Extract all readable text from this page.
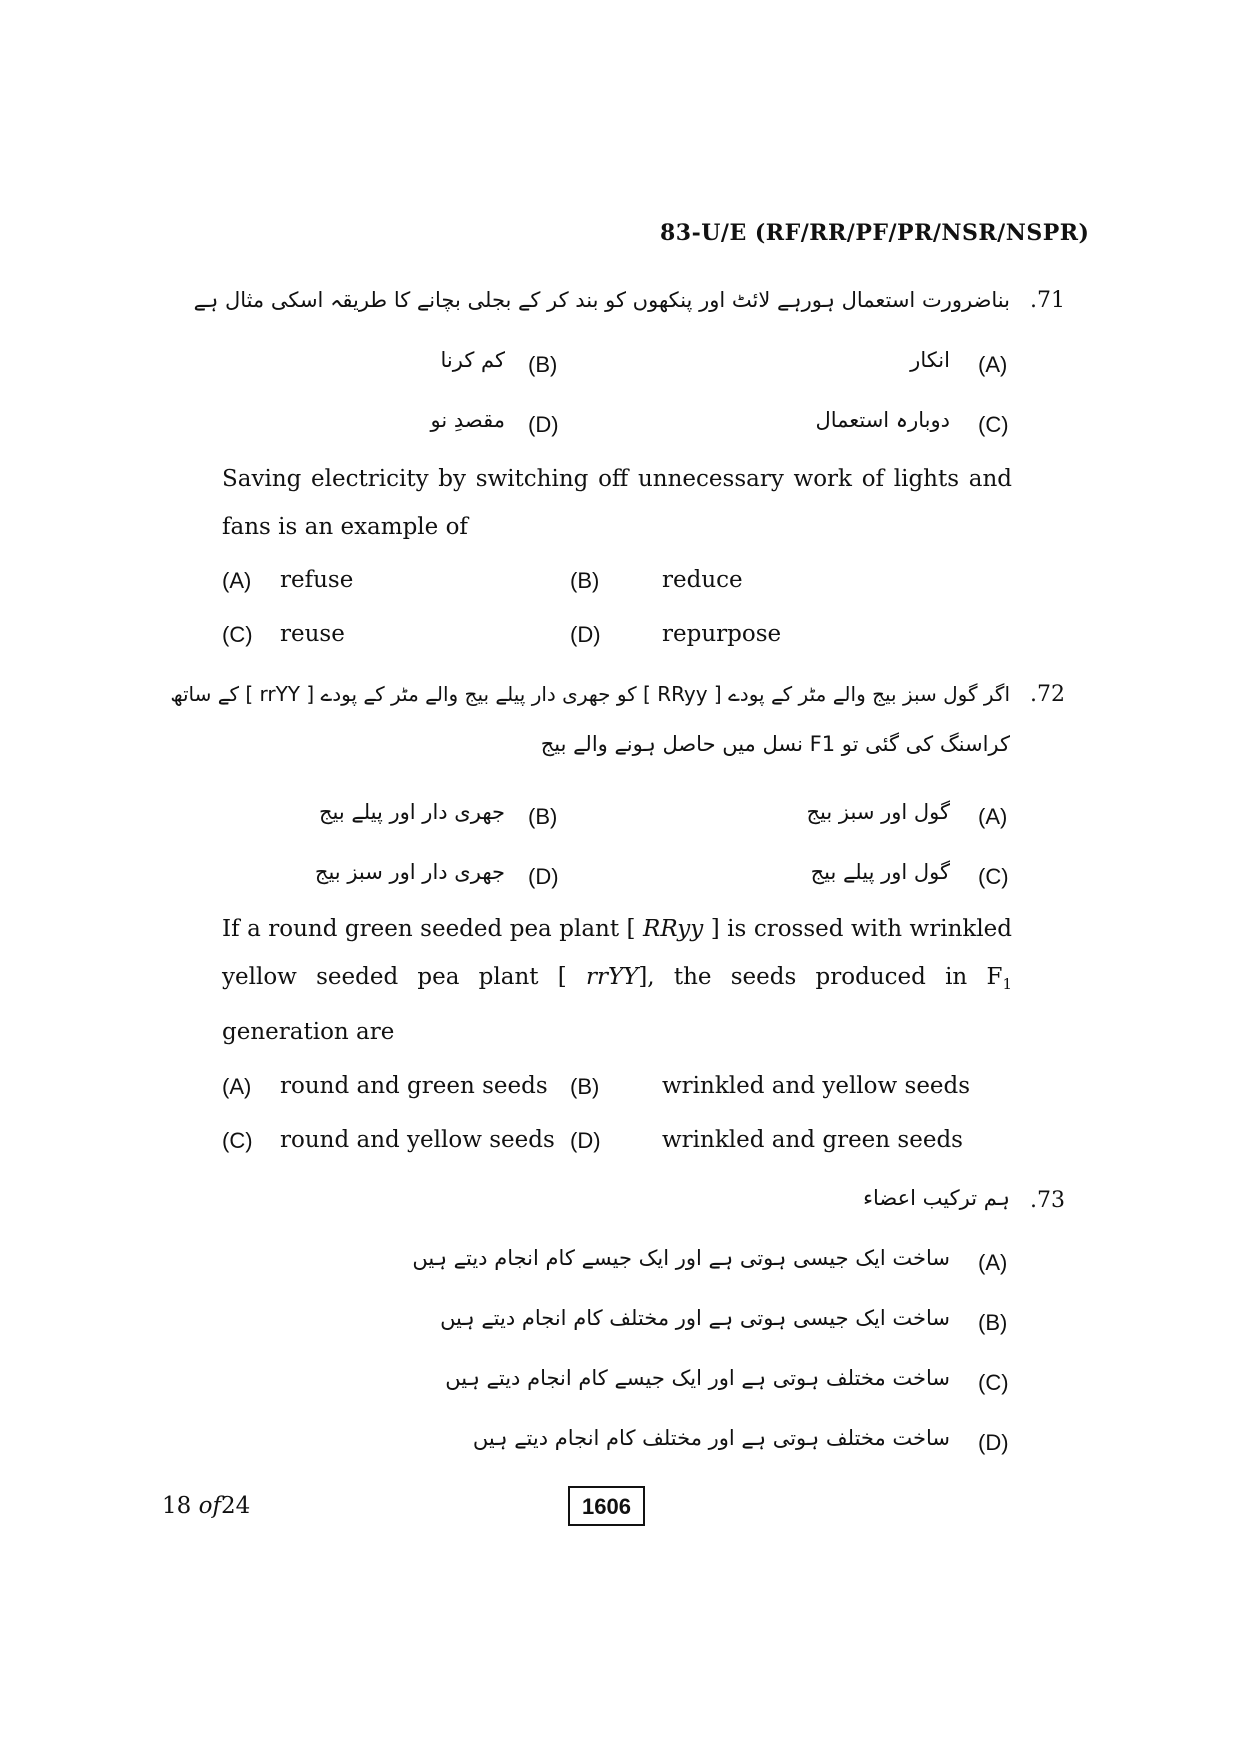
83-U/E (RF/RR/PF/PR/NSR/NSPR)
.71
بناضرورت استعمال ہورہے لائٹ اور پنکھوں کو بند کر کے بجلی بچانے کا طریقہ اسکی مثال ہے
(A)
انکار
(B)
کم کرنا
(C)
دوبارہ استعمال
(D)
مقصدِ نو
Saving electricity by switching off unnecessary work of lights and fans is an example of
(A) refuse	(B)	reduce
(C) reuse	(D)	repurpose
.72
اگر گول سبز بیج والے مٹر کے پودے [ RRyy ] کو جھری دار پیلے بیج والے مٹر کے پودے [ rrYY ] کے ساتھ
کراسنگ کی گئی تو F1 نسل میں حاصل ہونے والے بیج
(A)
گول اور سبز بیج
(B)
جھری دار اور پیلے بیج
(C)
گول اور پیلے بیج
(D)
جھری دار اور سبز بیج
If a round green seeded pea plant [ RRyy ] is crossed with wrinkled yellow seeded pea plant [ rrYY], the seeds produced in $F_1$ generation are
(A) round and green seeds (B)	wrinkled and yellow seeds
(C) round and yellow seeds (D)	wrinkled and green seeds
.73
ہم ترکیب اعضاء
(A)
ساخت ایک جیسی ہوتی ہے اور ایک جیسے کام انجام دیتے ہیں
(B)
ساخت ایک جیسی ہوتی ہے اور مختلف کام انجام دیتے ہیں
(C)
ساخت مختلف ہوتی ہے اور ایک جیسے کام انجام دیتے ہیں
(D)
ساخت مختلف ہوتی ہے اور مختلف کام انجام دیتے ہیں
18 of24	1606
